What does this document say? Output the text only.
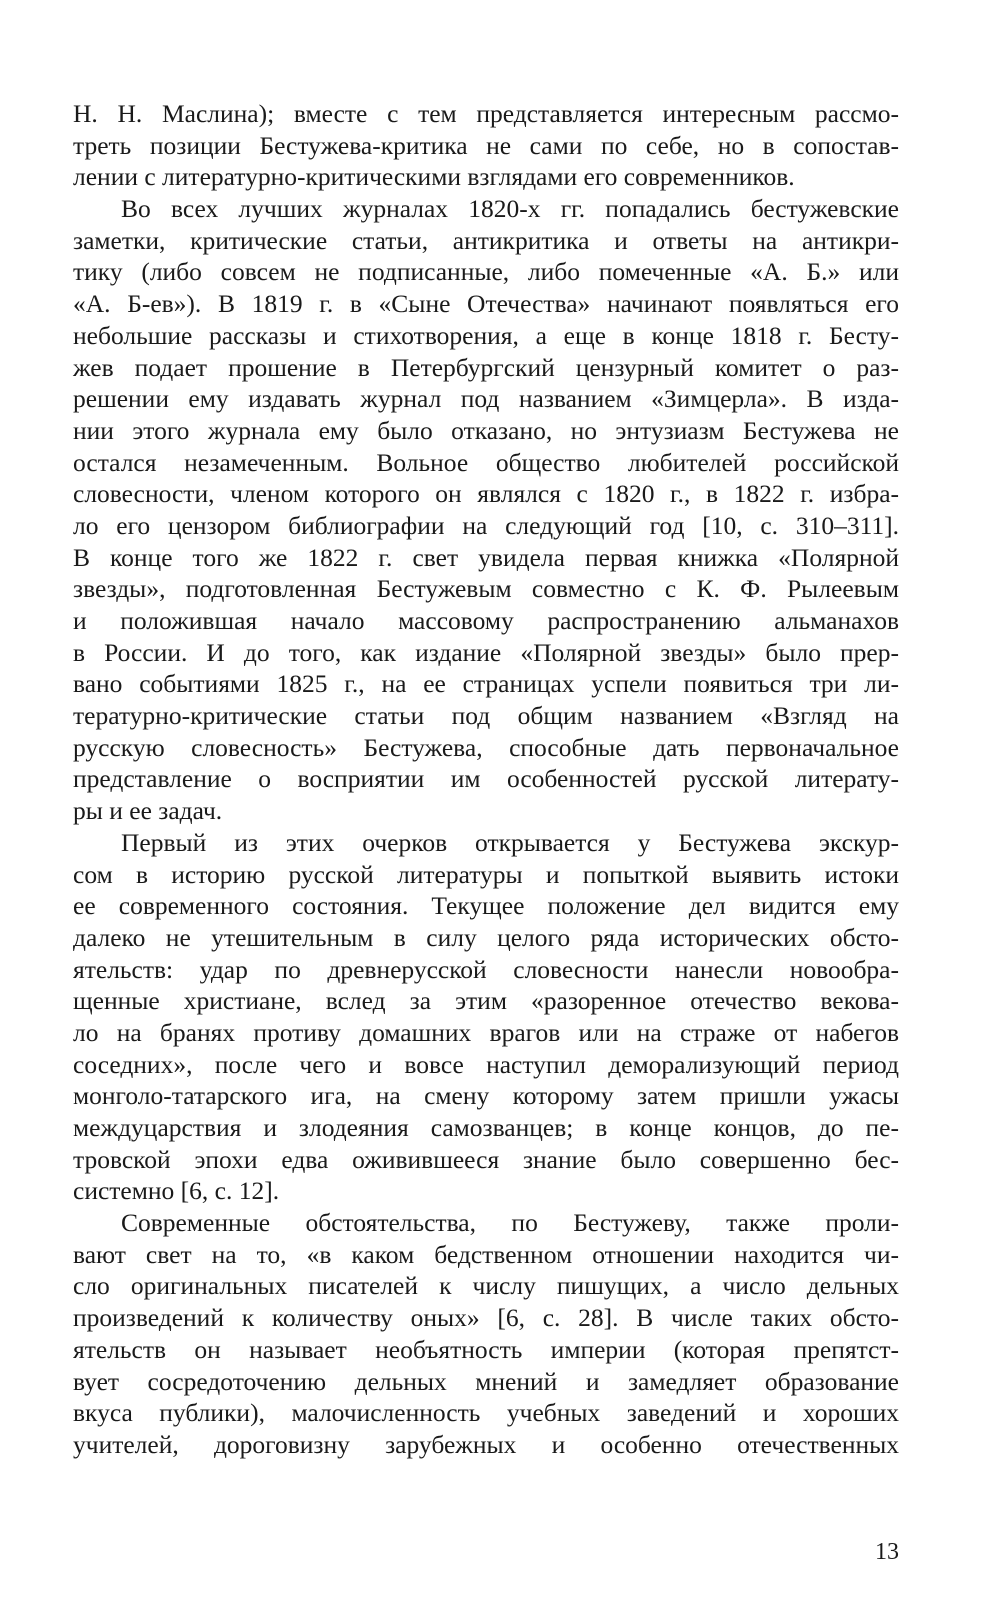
Н. Н. Маслина); вместе с тем представляется интересным рассмо-
треть позиции Бестужева-критика не сами по себе, но в сопостав-
лении с литературно-критическими взглядами его современников.
Во всех лучших журналах 1820-х гг. попадались бестужевские
заметки, критические статьи, антикритика и ответы на антикри-
тику (либо совсем не подписанные, либо помеченные «А. Б.» или
«А. Б-ев»). В 1819 г. в «Сыне Отечества» начинают появляться его
небольшие рассказы и стихотворения, а еще в конце 1818 г. Бесту-
жев подает прошение в Петербургский цензурный комитет о раз-
решении ему издавать журнал под названием «Зимцерла». В изда-
нии этого журнала ему было отказано, но энтузиазм Бестужева не
остался незамеченным. Вольное общество любителей российской
словесности, членом которого он являлся с 1820 г., в 1822 г. избра-
ло его цензором библиографии на следующий год [10, с. 310–311].
В конце того же 1822 г. свет увидела первая книжка «Полярной
звезды», подготовленная Бестужевым совместно с К. Ф. Рылеевым
и положившая начало массовому распространению альманахов
в России. И до того, как издание «Полярной звезды» было прер-
вано событиями 1825 г., на ее страницах успели появиться три ли-
тературно-критические статьи под общим названием «Взгляд на
русскую словесность» Бестужева, способные дать первоначальное
представление о восприятии им особенностей русской литерату-
ры и ее задач.
Первый из этих очерков открывается у Бестужева экскур-
сом в историю русской литературы и попыткой выявить истоки
ее современного состояния. Текущее положение дел видится ему
далеко не утешительным в силу целого ряда исторических обсто-
ятельств: удар по древнерусской словесности нанесли новообра-
щенные христиане, вслед за этим «разоренное отечество векова-
ло на бранях противу домашних врагов или на страже от набегов
соседних», после чего и вовсе наступил деморализующий период
монголо-татарского ига, на смену которому затем пришли ужасы
междуцарствия и злодеяния самозванцев; в конце концов, до пе-
тровской эпохи едва оживившееся знание было совершенно бес-
системно [6, с. 12].
Современные обстоятельства, по Бестужеву, также проли-
вают свет на то, «в каком бедственном отношении находится чи-
сло оригинальных писателей к числу пишущих, а число дельных
произведений к количеству оных» [6, с. 28]. В числе таких обсто-
ятельств он называет необъятность империи (которая препятст-
вует сосредоточению дельных мнений и замедляет образование
вкуса публики), малочисленность учебных заведений и хороших
учителей, дороговизну зарубежных и особенно отечественных
13
